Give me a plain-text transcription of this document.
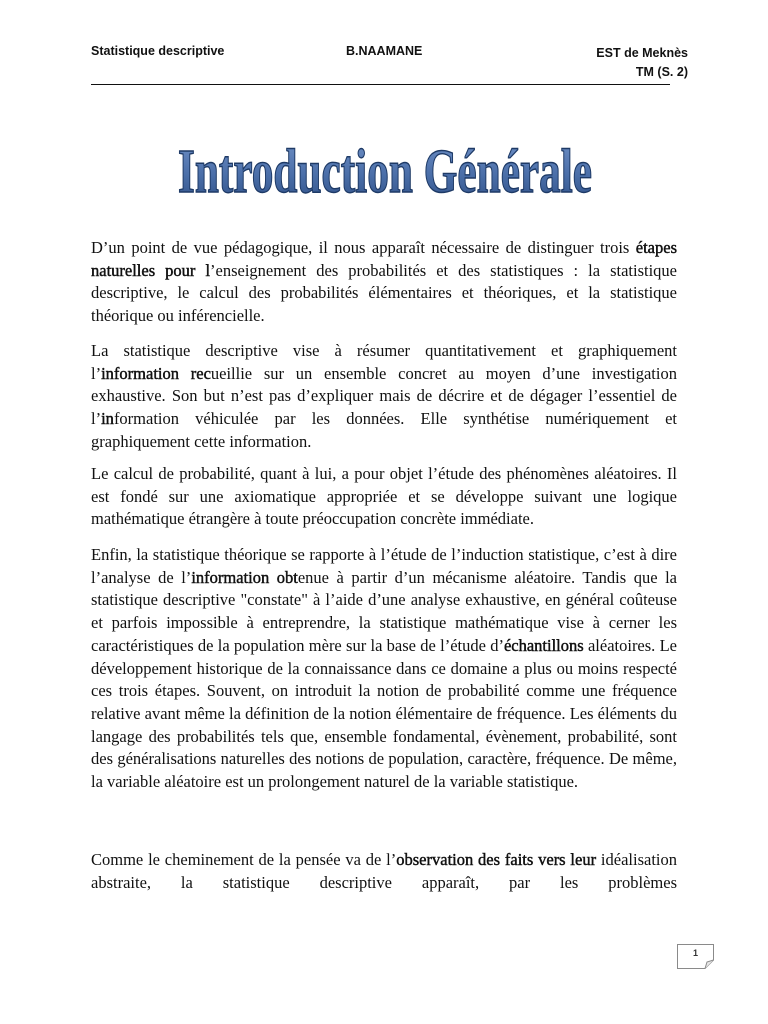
Statistique descriptive	B.NAAMANE	EST de Meknès
TM (S. 2)
Introduction Générale

D’un point de vue pédagogique, il nous apparaît nécessaire de distinguer trois étapes naturelles pour l’enseignement des probabilités et des statistiques : la statistique descriptive, le calcul des probabilités élémentaires et théoriques, et la statistique théorique ou inférencielle.

La statistique descriptive vise à résumer quantitativement et graphiquement l’information recueillie sur un ensemble concret au moyen d’une investigation exhaustive. Son but n’est pas d’expliquer mais de décrire et de dégager l’essentiel de l’information véhiculée par les données. Elle synthétise numériquement et graphiquement cette information.

Le calcul de probabilité, quant à lui, a pour objet l’étude des phénomènes aléatoires. Il est fondé sur une axiomatique appropriée et se développe suivant une logique mathématique étrangère à toute préoccupation concrète immédiate.

Enfin, la statistique théorique se rapporte à l’étude de l’induction statistique, c’est à dire l’analyse de l’information obtenue à partir d’un mécanisme aléatoire. Tandis que la statistique descriptive "constate" à l’aide d’une analyse exhaustive, en général coûteuse et parfois impossible à entreprendre, la statistique mathématique vise à cerner les caractéristiques de la population mère sur la base de l’étude d’échantillons aléatoires. Le développement historique de la connaissance dans ce domaine a plus ou moins respecté ces trois étapes. Souvent, on introduit la notion de probabilité comme une fréquence relative avant même la définition de la notion élémentaire de fréquence. Les éléments du langage des probabilités tels que, ensemble fondamental, évènement, probabilité, sont des généralisations naturelles des notions de population, caractère, fréquence. De même, la variable aléatoire est un prolongement naturel de la variable statistique.

Comme le cheminement de la pensée va de l’observation des faits vers leur idéalisation abstraite, la statistique descriptive apparaît, par les problèmes

1
